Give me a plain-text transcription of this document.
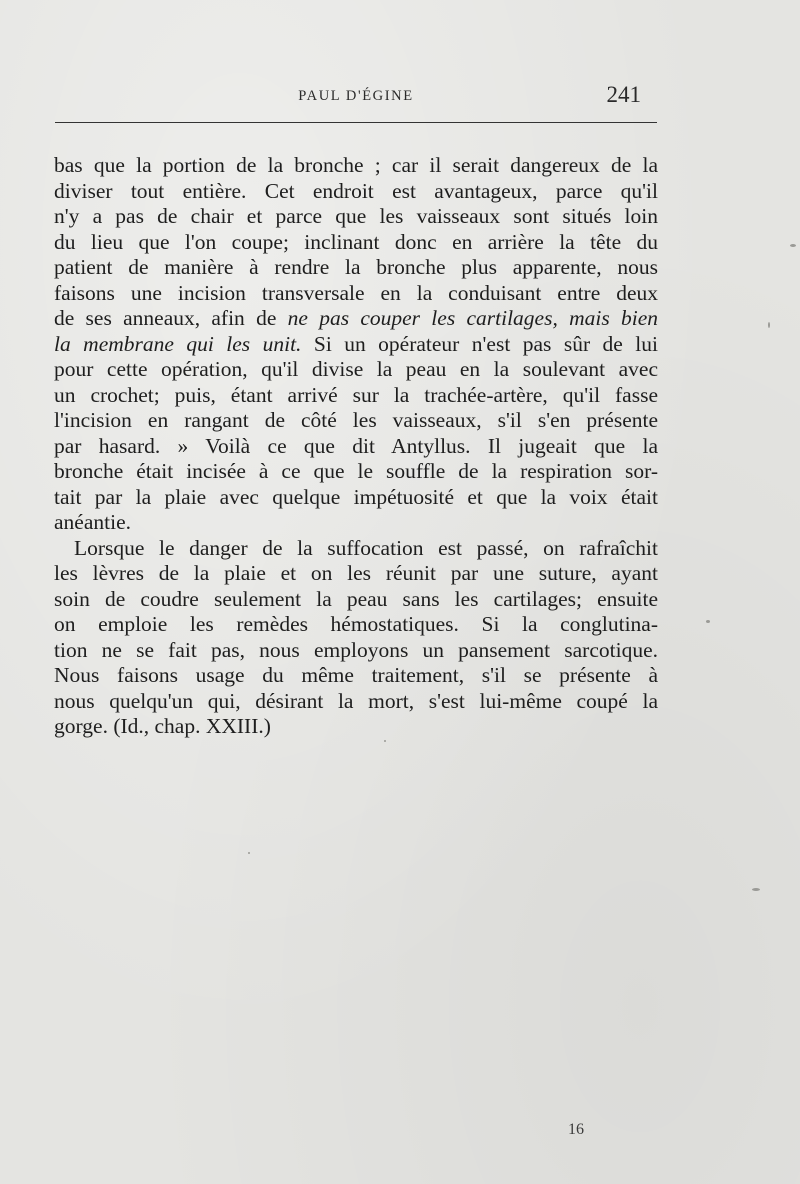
PAUL D'ÉGINE	241
bas que la portion de la bronche ; car il serait dangereux de la
diviser tout entière. Cet endroit est avantageux, parce qu'il
n'y a pas de chair et parce que les vaisseaux sont situés loin
du lieu que l'on coupe; inclinant donc en arrière la tête du
patient de manière à rendre la bronche plus apparente, nous
faisons une incision transversale en la conduisant entre deux
de ses anneaux, afin de ne pas couper les cartilages, mais bien
la membrane qui les unit. Si un opérateur n'est pas sûr de lui
pour cette opération, qu'il divise la peau en la soulevant avec
un crochet; puis, étant arrivé sur la trachée-artère, qu'il fasse
l'incision en rangant de côté les vaisseaux, s'il s'en présente
par hasard. » Voilà ce que dit Antyllus. Il jugeait que la
bronche était incisée à ce que le souffle de la respiration sor-
tait par la plaie avec quelque impétuosité et que la voix était
anéantie.
Lorsque le danger de la suffocation est passé, on rafraîchit
les lèvres de la plaie et on les réunit par une suture, ayant
soin de coudre seulement la peau sans les cartilages; ensuite
on emploie les remèdes hémostatiques. Si la conglutina-
tion ne se fait pas, nous employons un pansement sarcotique.
Nous faisons usage du même traitement, s'il se présente à
nous quelqu'un qui, désirant la mort, s'est lui-même coupé la
gorge. (Id., chap. XXIII.)
16
